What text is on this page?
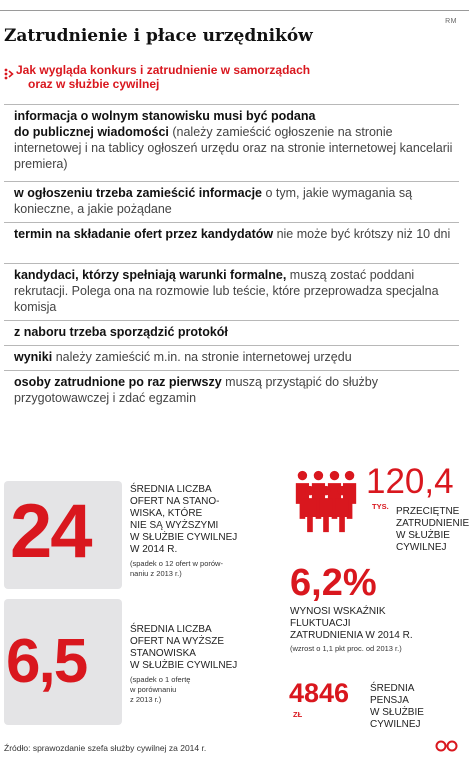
RM
Zatrudnienie i płace urzędników
Jak wygląda konkurs i zatrudnienie w samorządach
oraz w służbie cywilnej
informacja o wolnym stanowisku musi być podana
do publicznej wiadomości (należy zamieścić ogłoszenie na stronie internetowej i na tablicy ogłoszeń urzędu oraz na stronie internetowej kancelarii premiera)
w ogłoszeniu trzeba zamieścić informacje o tym, jakie wymagania są konieczne, a jakie pożądane
termin na składanie ofert przez kandydatów nie może być krótszy niż 10 dni
kandydaci, którzy spełniają warunki formalne, muszą zostać poddani rekrutacji. Polega ona na rozmowie lub teście, które przeprowadza specjalna komisja
z naboru trzeba sporządzić protokół
wyniki należy zamieścić m.in. na stronie internetowej urzędu
osoby zatrudnione po raz pierwszy muszą przystąpić do służby przygotowawczej i zdać egzamin
24	ŚREDNIA LICZBA
OFERT NA STANO-
WISKA, KTÓRE
NIE SĄ WYŻSZYMI
W SŁUŻBIE CYWILNEJ
W 2014 R.
(spadek o 12 ofert w porów-
naniu z 2013 r.)
6,5	ŚREDNIA LICZBA
OFERT NA WYŻSZE
STANOWISKA
W SŁUŻBIE CYWILNEJ
(spadek o 1 ofertę
w porównaniu
z 2013 r.)
120,4
TYS. PRZECIĘTNE
ZATRUDNIENIE
W SŁUŻBIE
CYWILNEJ
6,2%
WYNOSI WSKAŹNIK
FLUKTUACJI
ZATRUDNIENIA W 2014 R.
(wzrost o 1,1 pkt proc. od 2013 r.)
4846
ZŁ
ŚREDNIA
PENSJA
W SŁUŻBIE
CYWILNEJ
Źródło: sprawozdanie szefa służby cywilnej za 2014 r.
